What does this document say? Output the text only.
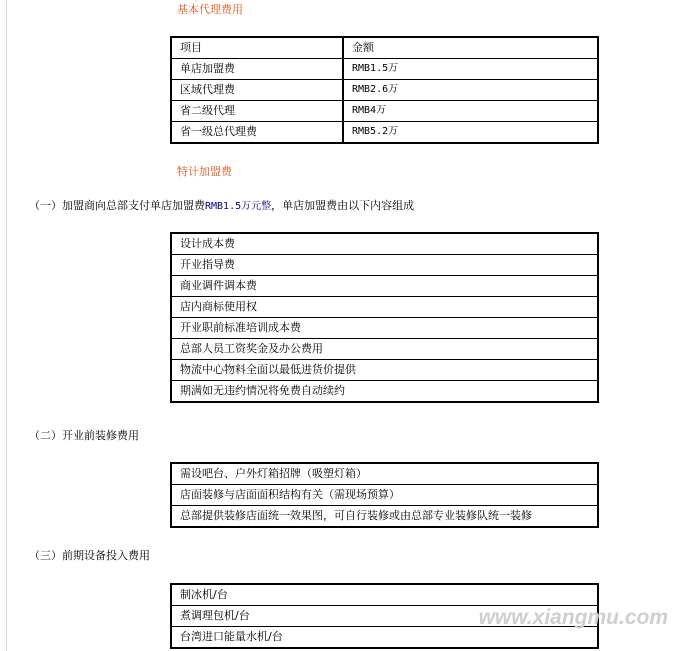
基本代理费用
项目	金额
单店加盟费	RMB1.5万
区域代理费	RMB2.6万
省二级代理	RMB4万
省一级总代理费	RMB5.2万
特计加盟费
（一）加盟商向总部支付单店加盟费RMB1.5万元整，单店加盟费由以下内容组成
设计成本费
开业指导费
商业调件调本费
店内商标使用权
开业职前标准培训成本费
总部人员工资奖金及办公费用
物流中心物料全面以最低进货价提供
期满如无违约情况将免费自动续约
（二）开业前装修费用
需设吧台、户外灯箱招牌（吸塑灯箱）
店面装修与店面面积结构有关（需现场预算）
总部提供装修店面统一效果图，可自行装修或由总部专业装修队统一装修
（三）前期设备投入费用
制冰机/台
煮调理包机/台
台湾进口能量水机/台
www.xiangmu.com
